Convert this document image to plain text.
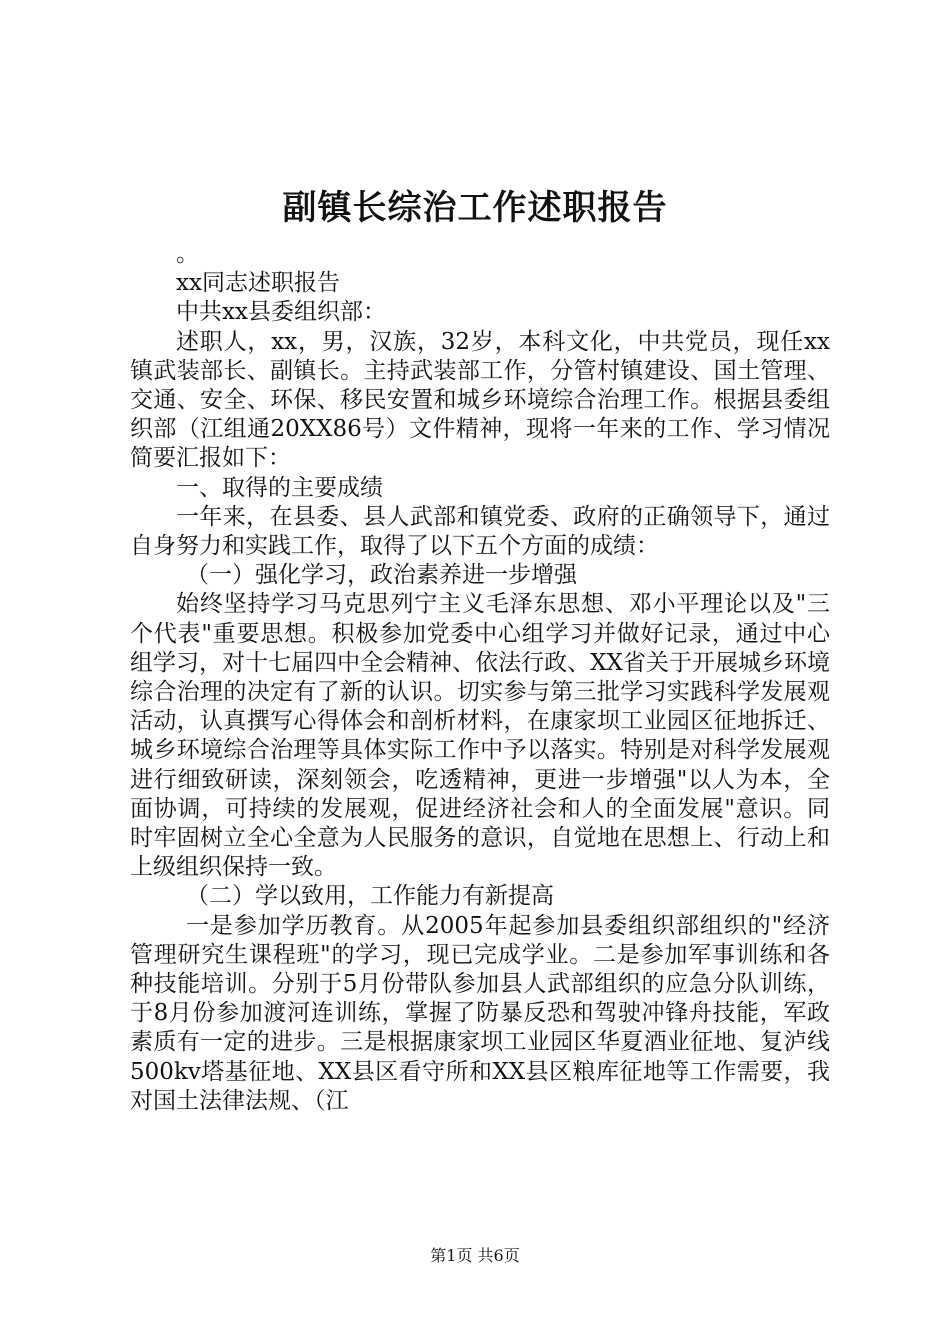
副镇长综治工作述职报告

。

xx同志述职报告

中共xx县委组织部：

述职人，xx，男，汉族，32岁，本科文化，中共党员，现任xx镇武装部长、副镇长。主持武装部工作，分管村镇建设、国土管理、交通、安全、环保、移民安置和城乡环境综合治理工作。根据县委组织部（江组通20XX86号）文件精神，现将一年来的工作、学习情况简要汇报如下：

一、取得的主要成绩

一年来，在县委、县人武部和镇党委、政府的正确领导下，通过自身努力和实践工作，取得了以下五个方面的成绩：

（一）强化学习，政治素养进一步增强

始终坚持学习马克思列宁主义毛泽东思想、邓小平理论以及"三个代表"重要思想。积极参加党委中心组学习并做好记录，通过中心组学习，对十七届四中全会精神、依法行政、XX省关于开展城乡环境综合治理的决定有了新的认识。切实参与第三批学习实践科学发展观活动，认真撰写心得体会和剖析材料，在康家坝工业园区征地拆迁、城乡环境综合治理等具体实际工作中予以落实。特别是对科学发展观进行细致研读，深刻领会，吃透精神，更进一步增强"以人为本，全面协调，可持续的发展观，促进经济社会和人的全面发展"意识。同时牢固树立全心全意为人民服务的意识，自觉地在思想上、行动上和上级组织保持一致。

（二）学以致用，工作能力有新提高

一是参加学历教育。从2005年起参加县委组织部组织的"经济管理研究生课程班"的学习，现已完成学业。二是参加军事训练和各种技能培训。分别于5月份带队参加县人武部组织的应急分队训练，于8月份参加渡河连训练，掌握了防暴反恐和驾驶冲锋舟技能，军政素质有一定的进步。三是根据康家坝工业园区华夏酒业征地、复泸线500kv塔基征地、XX县区看守所和XX县区粮库征地等工作需要，我对国土法律法规、（江

第1页 共6页
